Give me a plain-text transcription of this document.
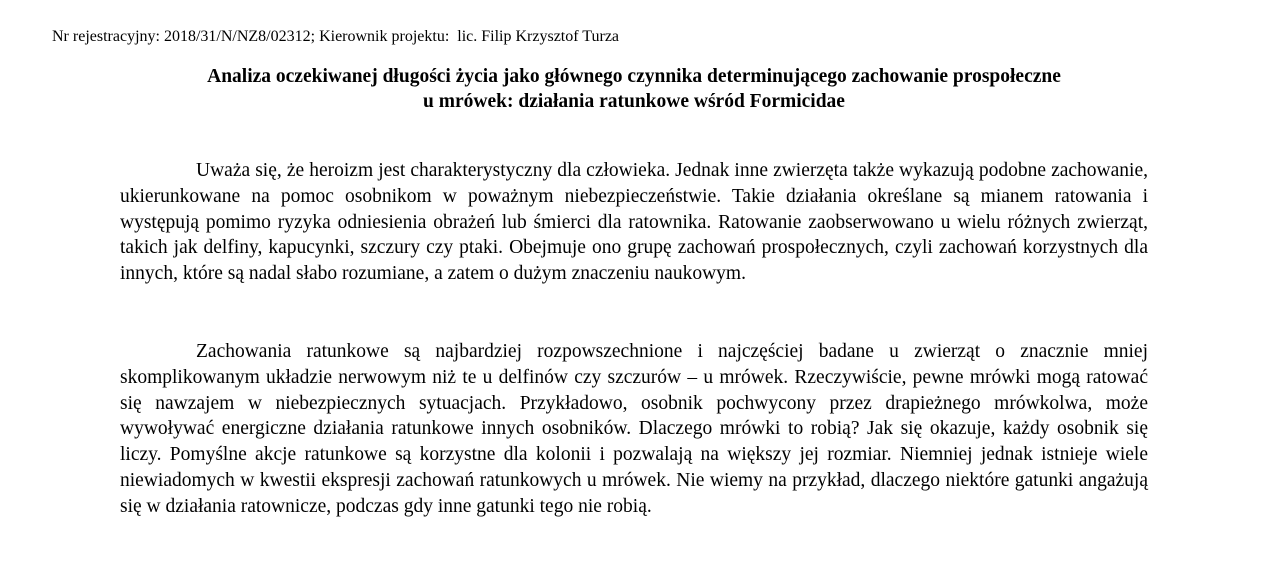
Nr rejestracyjny: 2018/31/N/NZ8/02312; Kierownik projektu:  lic. Filip Krzysztof Turza
Analiza oczekiwanej długości życia jako głównego czynnika determinującego zachowanie prospołeczne
u mrówek: działania ratunkowe wśród Formicidae

Uważa się, że heroizm jest charakterystyczny dla człowieka. Jednak inne zwierzęta także wykazują podobne zachowanie, ukierunkowane na pomoc osobnikom w poważnym niebezpieczeństwie. Takie działania określane są mianem ratowania i występują pomimo ryzyka odniesienia obrażeń lub śmierci dla ratownika. Ratowanie zaobserwowano u wielu różnych zwierząt, takich jak delfiny, kapucynki, szczury czy ptaki. Obejmuje ono grupę zachowań prospołecznych, czyli zachowań korzystnych dla innych, które są nadal słabo rozumiane, a zatem o dużym znaczeniu naukowym.

Zachowania ratunkowe są najbardziej rozpowszechnione i najczęściej badane u zwierząt o znacznie mniej skomplikowanym układzie nerwowym niż te u delfinów czy szczurów – u mrówek. Rzeczywiście, pewne mrówki mogą ratować się nawzajem w niebezpiecznych sytuacjach. Przykładowo, osobnik pochwycony przez drapieżnego mrówkolwa, może wywoływać energiczne działania ratunkowe innych osobników. Dlaczego mrówki to robią? Jak się okazuje, każdy osobnik się liczy. Pomyślne akcje ratunkowe są korzystne dla kolonii i pozwalają na większy jej rozmiar. Niemniej jednak istnieje wiele niewiadomych w kwestii ekspresji zachowań ratunkowych u mrówek. Nie wiemy na przykład, dlaczego niektóre gatunki angażują się w działania ratownicze, podczas gdy inne gatunki tego nie robią.
